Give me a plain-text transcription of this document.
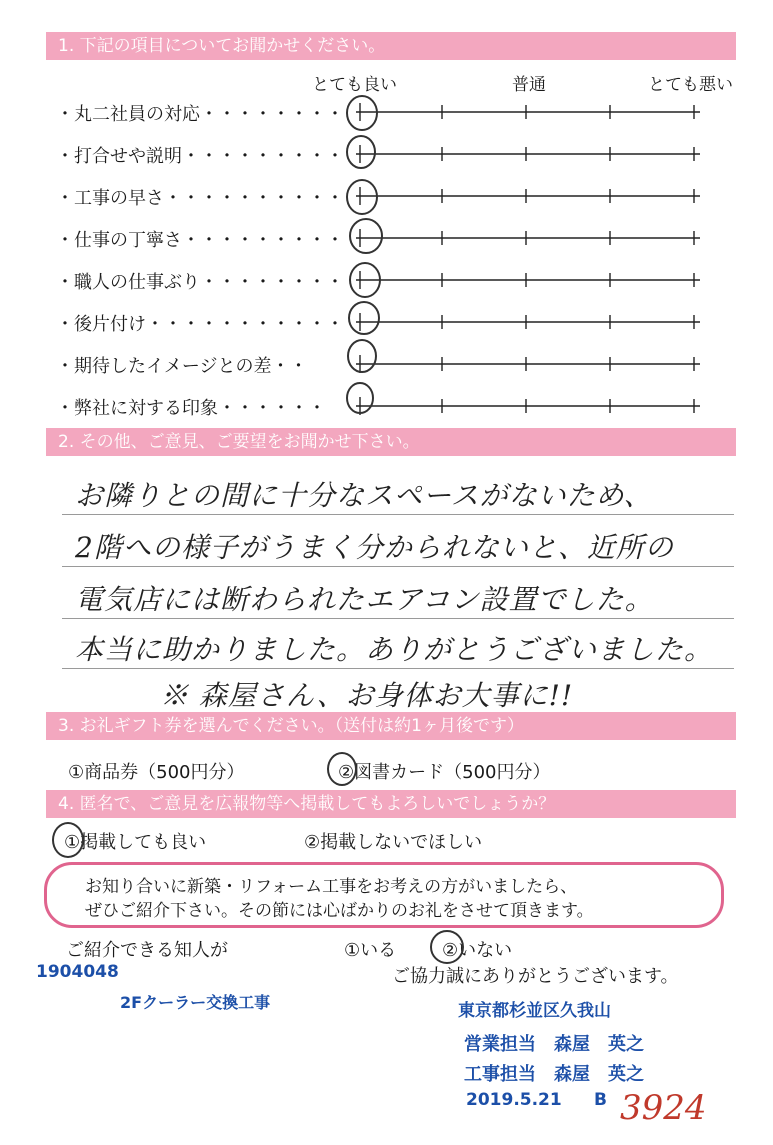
1. 下記の項目についてお聞かせください。
とても良い	普通	とても悪い
・丸二社員の対応・・・・・・・・
・打合せや説明・・・・・・・・・
・工事の早さ・・・・・・・・・・
・仕事の丁寧さ・・・・・・・・・
・職人の仕事ぶり・・・・・・・・
・後片付け・・・・・・・・・・・
・期待したイメージとの差・・
・弊社に対する印象・・・・・・
2. その他、ご意見、ご要望をお聞かせ下さい。
お隣りとの間に十分なスペースがないため、
2階への様子がうまく分かられないと、近所の
電気店には断わられたエアコン設置でした。
本当に助かりました。ありがとうございました。
※ 森屋さん、お身体お大事に!!
3. お礼ギフト券を選んでください。（送付は約1ヶ月後です）
①商品券（500円分）	②図書カード（500円分）
4. 匿名で、ご意見を広報物等へ掲載してもよろしいでしょうか？
①掲載しても良い	②掲載しないでほしい
お知り合いに新築・リフォーム工事をお考えの方がいましたら、
ぜひご紹介下さい。その節には心ばかりのお礼をさせて頂きます。
ご紹介できる知人が	①いる	②いない
ご協力誠にありがとうございます。
1904048
2Fクーラー交換工事	東京都杉並区久我山
営業担当　森屋　英之
工事担当　森屋　英之
2019.5.21 B 3924
